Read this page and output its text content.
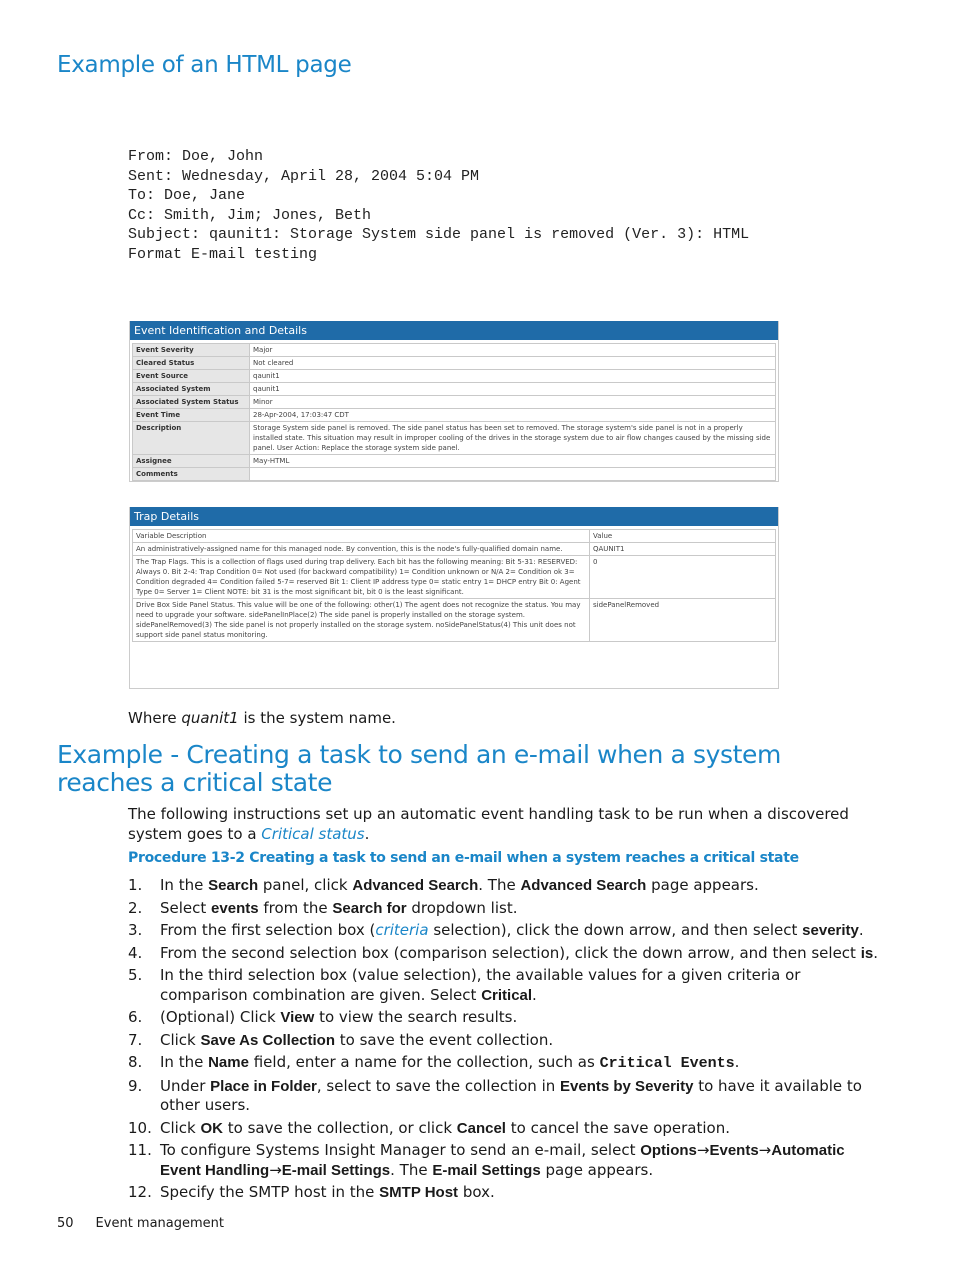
Example of an HTML page
From: Doe, John
Sent: Wednesday, April 28, 2004 5:04 PM
To: Doe, Jane
Cc: Smith, Jim; Jones, Beth
Subject: qaunit1: Storage System side panel is removed (Ver. 3): HTML
Format E-mail testing
Event Identification and Details
Event Severity	Major
Cleared Status	Not cleared
Event Source	qaunit1
Associated System	qaunit1
Associated System Status	Minor
Event Time	28-Apr-2004, 17:03:47 CDT
Description	Storage System side panel is removed. The side panel status has been set to removed. The storage system's side panel is not in a properly installed state. This situation may result in improper cooling of the drives in the storage system due to air flow changes caused by the missing side panel. User Action: Replace the storage system side panel.
Assignee	May-HTML
Comments	
Trap Details
Variable Description	Value
An administratively-assigned name for this managed node. By convention, this is the node's fully-qualified domain name.	QAUNIT1
The Trap Flags. This is a collection of flags used during trap delivery. Each bit has the following meaning: Bit 5-31: RESERVED: Always 0. Bit 2-4: Trap Condition 0= Not used (for backward compatibility) 1= Condition unknown or N/A 2= Condition ok 3= Condition degraded 4= Condition failed 5-7= reserved Bit 1: Client IP address type 0= static entry 1= DHCP entry Bit 0: Agent Type 0= Server 1= Client NOTE: bit 31 is the most significant bit, bit 0 is the least significant.	0
Drive Box Side Panel Status. This value will be one of the following: other(1) The agent does not recognize the status. You may need to upgrade your software. sidePanelInPlace(2) The side panel is properly installed on the storage system. sidePanelRemoved(3) The side panel is not properly installed on the storage system. noSidePanelStatus(4) This unit does not support side panel status monitoring.	sidePanelRemoved

Where quanit1 is the system name.

Example - Creating a task to send an e-mail when a system reaches a critical state

The following instructions set up an automatic event handling task to be run when a discovered system goes to a Critical status.

Procedure 13-2 Creating a task to send an e-mail when a system reaches a critical state

1. In the Search panel, click Advanced Search. The Advanced Search page appears.
2. Select events from the Search for dropdown list.
3. From the first selection box (criteria selection), click the down arrow, and then select severity.
4. From the second selection box (comparison selection), click the down arrow, and then select is.
5. In the third selection box (value selection), the available values for a given criteria or comparison combination are given. Select Critical.
6. (Optional) Click View to view the search results.
7. Click Save As Collection to save the event collection.
8. In the Name field, enter a name for the collection, such as Critical Events.
9. Under Place in Folder, select to save the collection in Events by Severity to have it available to other users.
10. Click OK to save the collection, or click Cancel to cancel the save operation.
11. To configure Systems Insight Manager to send an e-mail, select Options→Events→Automatic Event Handling→E-mail Settings. The E-mail Settings page appears.
12. Specify the SMTP host in the SMTP Host box.
50 Event management
